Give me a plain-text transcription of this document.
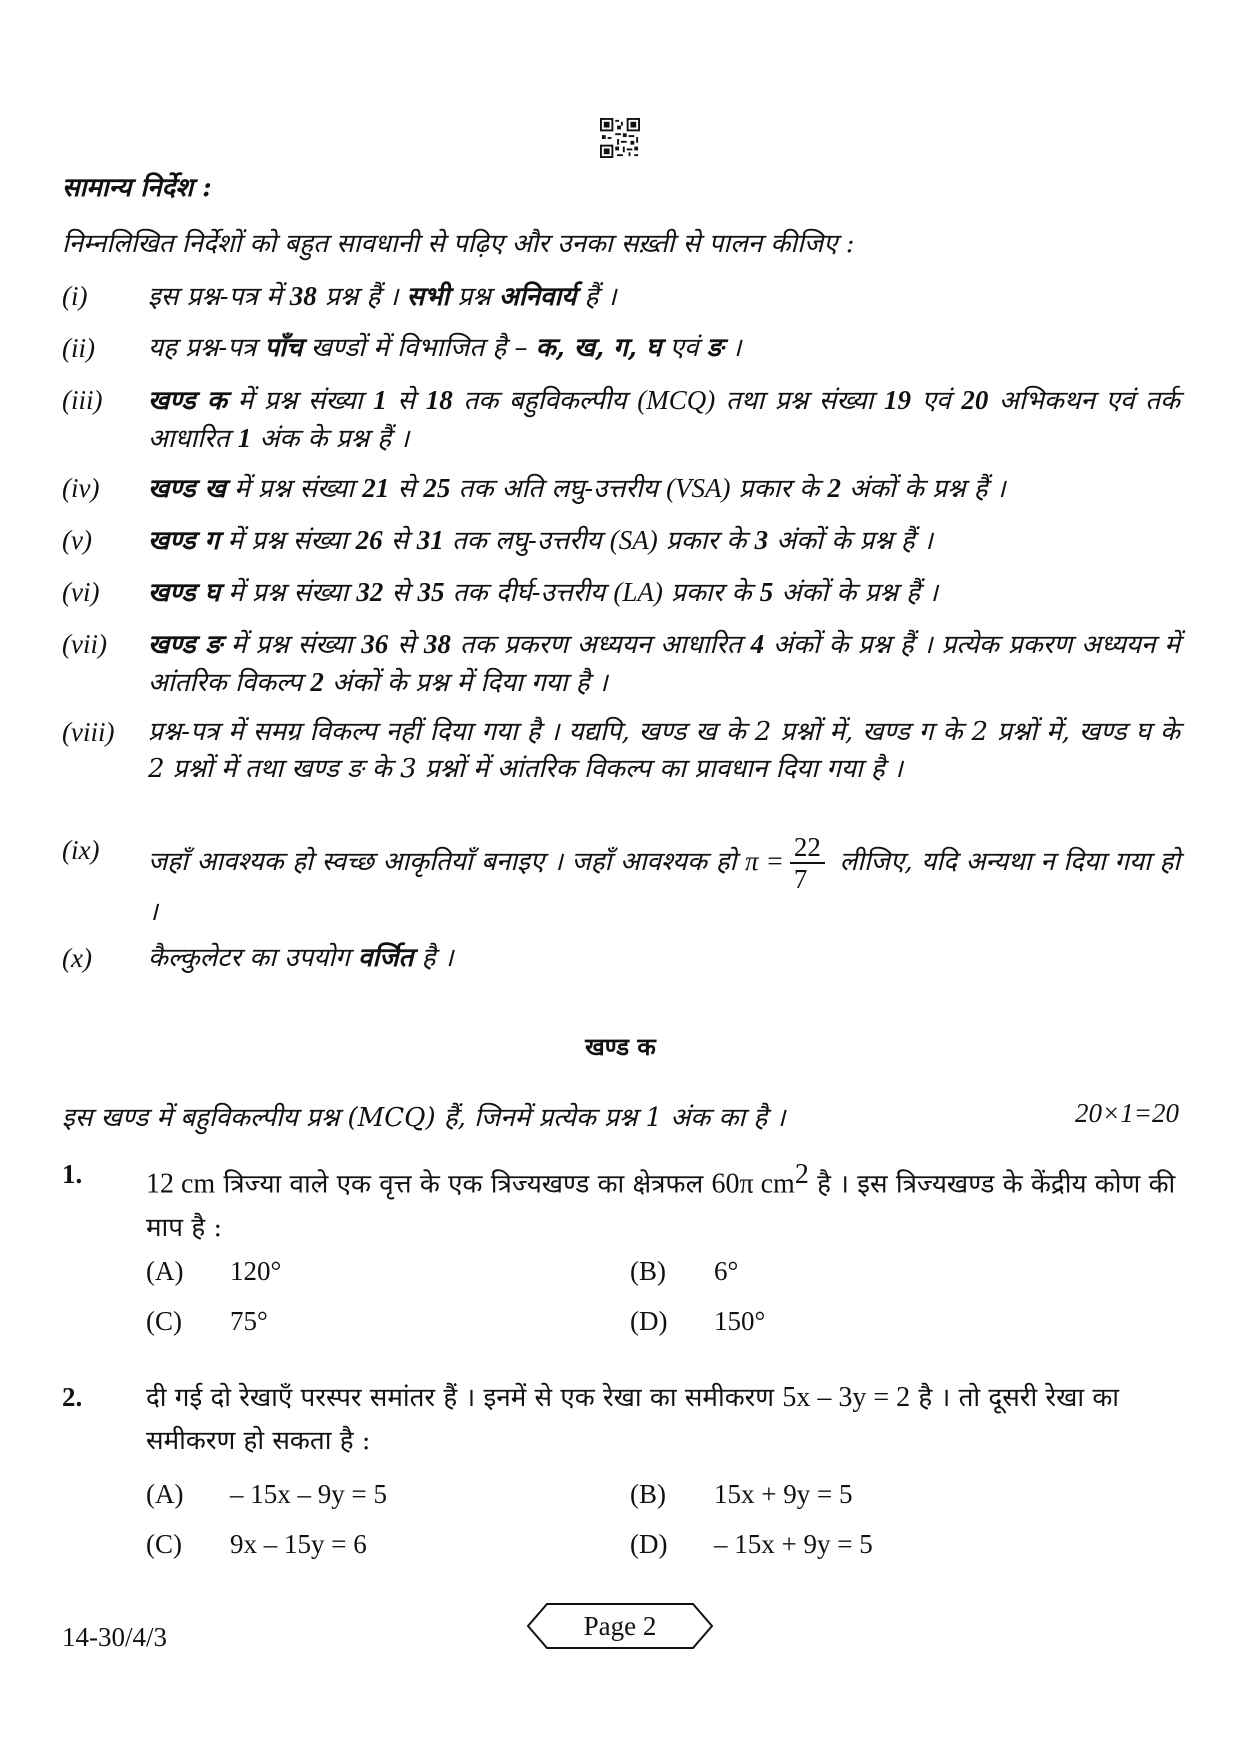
सामान्य निर्देश :
निम्नलिखित निर्देशों को बहुत सावधानी से पढ़िए और उनका सख़्ती से पालन कीजिए :
(i) इस प्रश्न-पत्र में 38 प्रश्न हैं । सभी प्रश्न अनिवार्य हैं ।
(ii) यह प्रश्न-पत्र पाँच खण्डों में विभाजित है – क, ख, ग, घ एवं ङ ।
(iii) खण्ड क में प्रश्न संख्या 1 से 18 तक बहुविकल्पीय (MCQ) तथा प्रश्न संख्या 19 एवं 20 अभिकथन एवं तर्क आधारित 1 अंक के प्रश्न हैं ।
(iv) खण्ड ख में प्रश्न संख्या 21 से 25 तक अति लघु-उत्तरीय (VSA) प्रकार के 2 अंकों के प्रश्न हैं ।
(v) खण्ड ग में प्रश्न संख्या 26 से 31 तक लघु-उत्तरीय (SA) प्रकार के 3 अंकों के प्रश्न हैं ।
(vi) खण्ड घ में प्रश्न संख्या 32 से 35 तक दीर्घ-उत्तरीय (LA) प्रकार के 5 अंकों के प्रश्न हैं ।
(vii) खण्ड ङ में प्रश्न संख्या 36 से 38 तक प्रकरण अध्ययन आधारित 4 अंकों के प्रश्न हैं । प्रत्येक प्रकरण अध्ययन में आंतरिक विकल्प 2 अंकों के प्रश्न में दिया गया है ।
(viii) प्रश्न-पत्र में समग्र विकल्प नहीं दिया गया है । यद्यपि, खण्ड ख के 2 प्रश्नों में, खण्ड ग के 2 प्रश्नों में, खण्ड घ के 2 प्रश्नों में तथा खण्ड ङ के 3 प्रश्नों में आंतरिक विकल्प का प्रावधान दिया गया है ।
(ix) जहाँ आवश्यक हो स्वच्छ आकृतियाँ बनाइए । जहाँ आवश्यक हो $\pi = \frac{22}{7}$ लीजिए, यदि अन्यथा न दिया गया हो ।
(x) कैल्कुलेटर का उपयोग वर्जित है ।
खण्ड क
इस खण्ड में बहुविकल्पीय प्रश्न (MCQ) हैं, जिनमें प्रत्येक प्रश्न 1 अंक का है ।	20×1=20
1. 12 cm त्रिज्या वाले एक वृत्त के एक त्रिज्यखण्ड का क्षेत्रफल 60π $cm^2$ है । इस त्रिज्यखण्ड के केंद्रीय कोण की माप है :
(A) 120°	(B) 6°
(C) 75°	(D) 150°
2. दी गई दो रेखाएँ परस्पर समांतर हैं । इनमें से एक रेखा का समीकरण 5x – 3y = 2 है । तो दूसरी रेखा का समीकरण हो सकता है :
(A) – 15x – 9y = 5	(B) 15x + 9y = 5
(C) 9x – 15y = 6	(D) – 15x + 9y = 5
14-30/4/3	Page 2
